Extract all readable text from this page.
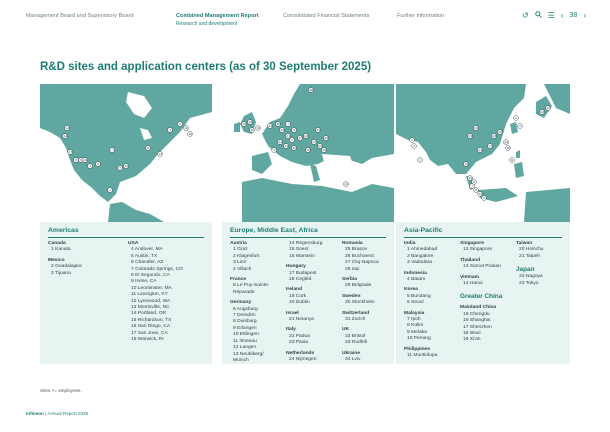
Management Board and Supervisory Board	Combined Management Report
Research and development
Consolidated Financial Statements	Further information	↺ ☰ ‹ 38 ›
R&D sites and application centers (as of 30 September 2025)
12
14
17
8 9 16
3 6
7
5 15
2
11
13
1
4
10
18
Americas
Canada
1 Kanata
Mexico
2 Guadalajara
3 Tijuana
USA
4 Andover, MA
5 Austin, TX
6 Chandler, AZ
7 Colorado Springs, CO
8 El Segundo, CA
9 Irvine, CA
10 Leominster, MA
11 Lexington, KY
12 Lynnwood, WA
13 Morrisville, NC
14 Portland, OR
15 Richardson, TX
16 San Diego, CA
17 San Jose, CA
18 Warwick, RI
30
19 20
32 33	24 15
16
7
9
14
3 17 18
34
28
27
25
26
29
31
23 22
5
21
Europe, Middle East, Africa
Austria
1 Graz
2 Klagenfurt
3 Linz
4 Villach
France
5 Le Puy-Sainte-
Réparade
Germany
6 Augsburg
7 Dresden
8 Duisburg
9 Erlangen
10 Ettlingen
11 Ilmenau
12 Langen
13 Neubiberg/
Munich
14 Regensburg
15 Soest
16 Warstein
Hungary
17 Budapest
18 Cegléd
Ireland
19 Cork
20 Dublin
Israel
21 Netanya
Italy
22 Padua
23 Pavia
Netherlands
24 Nijmegen
Romania
25 Brașov
26 Bucharest
27 Cluj-Napoca
28 Iași
Serbia
29 Belgrade
Sweden
30 Stockholm
Switzerland
31 Zurich
UK
32 Bristol
33 Rudhill
Ukraine
34 Lviv
1
3
2
19
15	18
16
17
21
20
14
13
11
10
8
7
9
12
4
5
6
22
23
Asia-Pacific
India
1 Ahmedabad
2 Bangalore
3 Vadodara
Indonesia
4 Batam
Korea
5 Bundang
6 Seoul
Malaysia
7 Ipoh
8 Kulim
9 Melaka
10 Penang
Philippines
11 Muntinlupa
Singapore
12 Singapore
Thailand
13 Samut Prakan
Vietnam
14 Hanoi
Greater China
Mainland China
15 Chengdu
16 Shanghai
17 Shenzhen
18 Wuxi
19 Xi'an
Taiwan
20 Hsinchu
21 Taipeh
Japan
22 Nagoya
23 Tokyo
Sites >= employees.
Infineon | Annual Report 2025
